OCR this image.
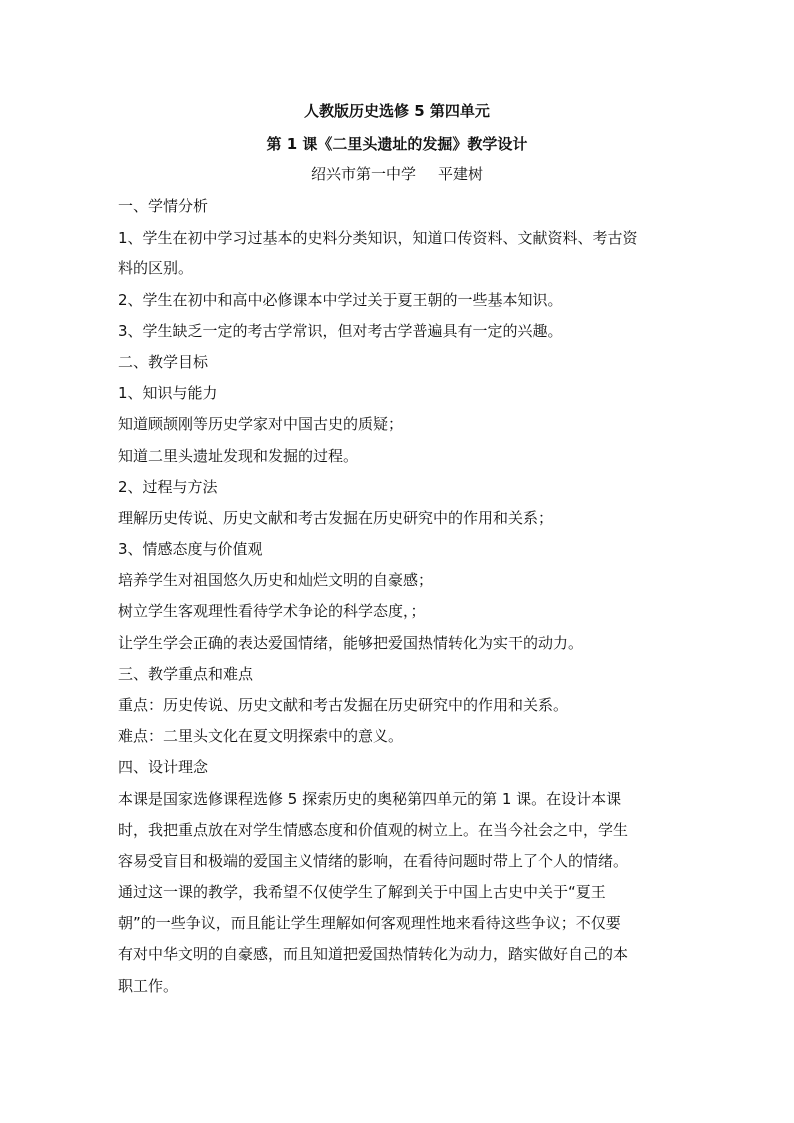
人教版历史选修 5 第四单元
第 1 课《二里头遗址的发掘》教学设计
绍兴市第一中学 平建树
一、学情分析
1、学生在初中学习过基本的史料分类知识，知道口传资料、文献资料、考古资
料的区别。
2、学生在初中和高中必修课本中学过关于夏王朝的一些基本知识。
3、学生缺乏一定的考古学常识，但对考古学普遍具有一定的兴趣。
二、教学目标
1、知识与能力
知道顾颉刚等历史学家对中国古史的质疑；
知道二里头遗址发现和发掘的过程。
2、过程与方法
理解历史传说、历史文献和考古发掘在历史研究中的作用和关系；
3、情感态度与价值观
培养学生对祖国悠久历史和灿烂文明的自豪感；
树立学生客观理性看待学术争论的科学态度，；
让学生学会正确的表达爱国情绪，能够把爱国热情转化为实干的动力。
三、教学重点和难点
重点：历史传说、历史文献和考古发掘在历史研究中的作用和关系。
难点：二里头文化在夏文明探索中的意义。
四、设计理念
本课是国家选修课程选修 5 探索历史的奥秘第四单元的第 1 课。在设计本课
时，我把重点放在对学生情感态度和价值观的树立上。在当今社会之中，学生
容易受盲目和极端的爱国主义情绪的影响，在看待问题时带上了个人的情绪。
通过这一课的教学，我希望不仅使学生了解到关于中国上古史中关于“夏王
朝”的一些争议，而且能让学生理解如何客观理性地来看待这些争议；不仅要
有对中华文明的自豪感，而且知道把爱国热情转化为动力，踏实做好自己的本
职工作。
